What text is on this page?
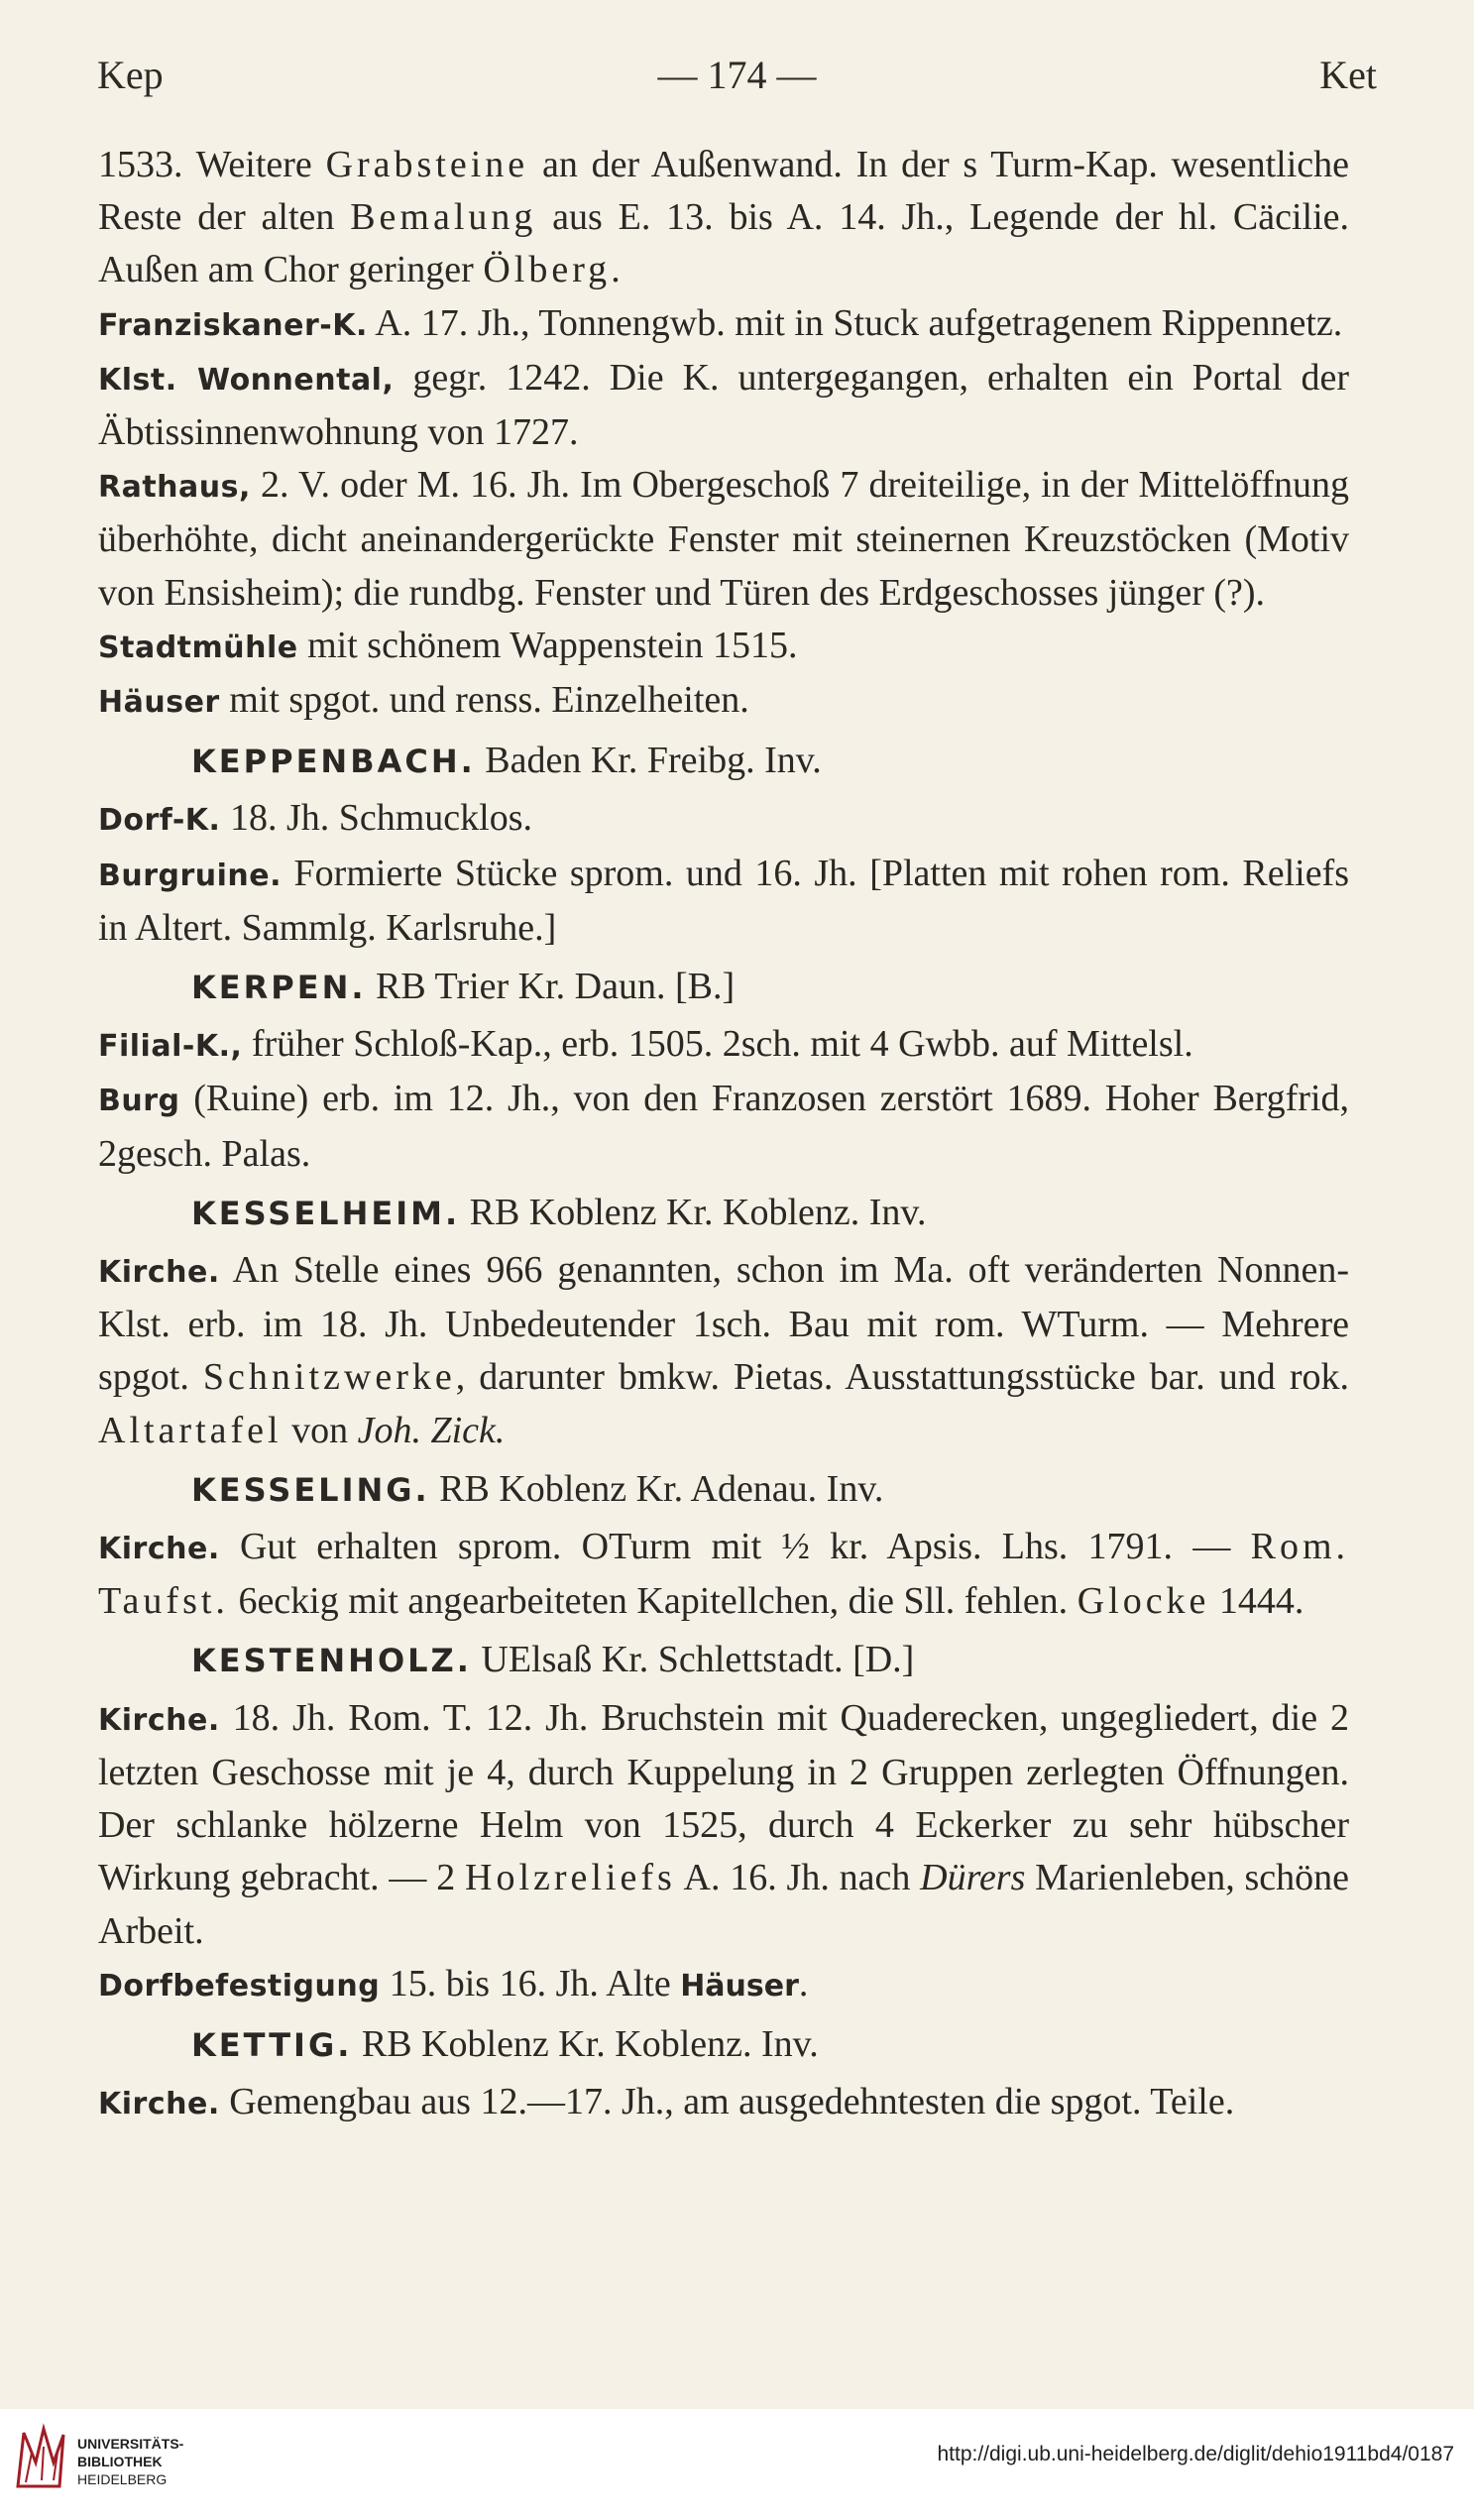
Kep	— 174 —	Ket

1533. Weitere Grabsteine an der Außenwand. In der s Turm-Kap. wesentliche Reste der alten Bemalung aus E. 13. bis A. 14. Jh., Legende der hl. Cäcilie. Außen am Chor geringer Ölberg.

Franziskaner-K. A. 17. Jh., Tonnengwb. mit in Stuck aufgetragenem Rippennetz.

Klst. Wonnental, gegr. 1242. Die K. untergegangen, erhalten ein Portal der Äbtissinnenwohnung von 1727.

Rathaus, 2. V. oder M. 16. Jh. Im Obergeschoß 7 dreiteilige, in der Mittelöffnung überhöhte, dicht aneinandergerückte Fenster mit steinernen Kreuzstöcken (Motiv von Ensisheim); die rundbg. Fenster und Türen des Erdgeschosses jünger (?).

Stadtmühle mit schönem Wappenstein 1515.

Häuser mit spgot. und renss. Einzelheiten.

KEPPENBACH. Baden Kr. Freibg. Inv.

Dorf-K. 18. Jh. Schmucklos.

Burgruine. Formierte Stücke sprom. und 16. Jh. [Platten mit rohen rom. Reliefs in Altert. Sammlg. Karlsruhe.]

KERPEN. RB Trier Kr. Daun. [B.]

Filial-K., früher Schloß-Kap., erb. 1505. 2sch. mit 4 Gwbb. auf Mittelsl.

Burg (Ruine) erb. im 12. Jh., von den Franzosen zerstört 1689. Hoher Bergfrid, 2gesch. Palas.

KESSELHEIM. RB Koblenz Kr. Koblenz. Inv.

Kirche. An Stelle eines 966 genannten, schon im Ma. oft veränderten Nonnen-Klst. erb. im 18. Jh. Unbedeutender 1sch. Bau mit rom. WTurm. — Mehrere spgot. Schnitzwerke, darunter bmkw. Pietas. Ausstattungsstücke bar. und rok. Altartafel von Joh. Zick.

KESSELING. RB Koblenz Kr. Adenau. Inv.

Kirche. Gut erhalten sprom. OTurm mit ½ kr. Apsis. Lhs. 1791. — Rom. Taufst. 6eckig mit angearbeiteten Kapitellchen, die Sll. fehlen. Glocke 1444.

KESTENHOLZ. UElsaß Kr. Schlettstadt. [D.]

Kirche. 18. Jh. Rom. T. 12. Jh. Bruchstein mit Quaderecken, ungegliedert, die 2 letzten Geschosse mit je 4, durch Kuppelung in 2 Gruppen zerlegten Öffnungen. Der schlanke hölzerne Helm von 1525, durch 4 Eckerker zu sehr hübscher Wirkung gebracht. — 2 Holzreliefs A. 16. Jh. nach Dürers Marienleben, schöne Arbeit.

Dorfbefestigung 15. bis 16. Jh. Alte Häuser.

KETTIG. RB Koblenz Kr. Koblenz. Inv.

Kirche. Gemengbau aus 12.—17. Jh., am ausgedehntesten die spgot. Teile.

UNIVERSITÄTS-
BIBLIOTHEK
HEIDELBERG
http://digi.ub.uni-heidelberg.de/diglit/dehio1911bd4/0187
